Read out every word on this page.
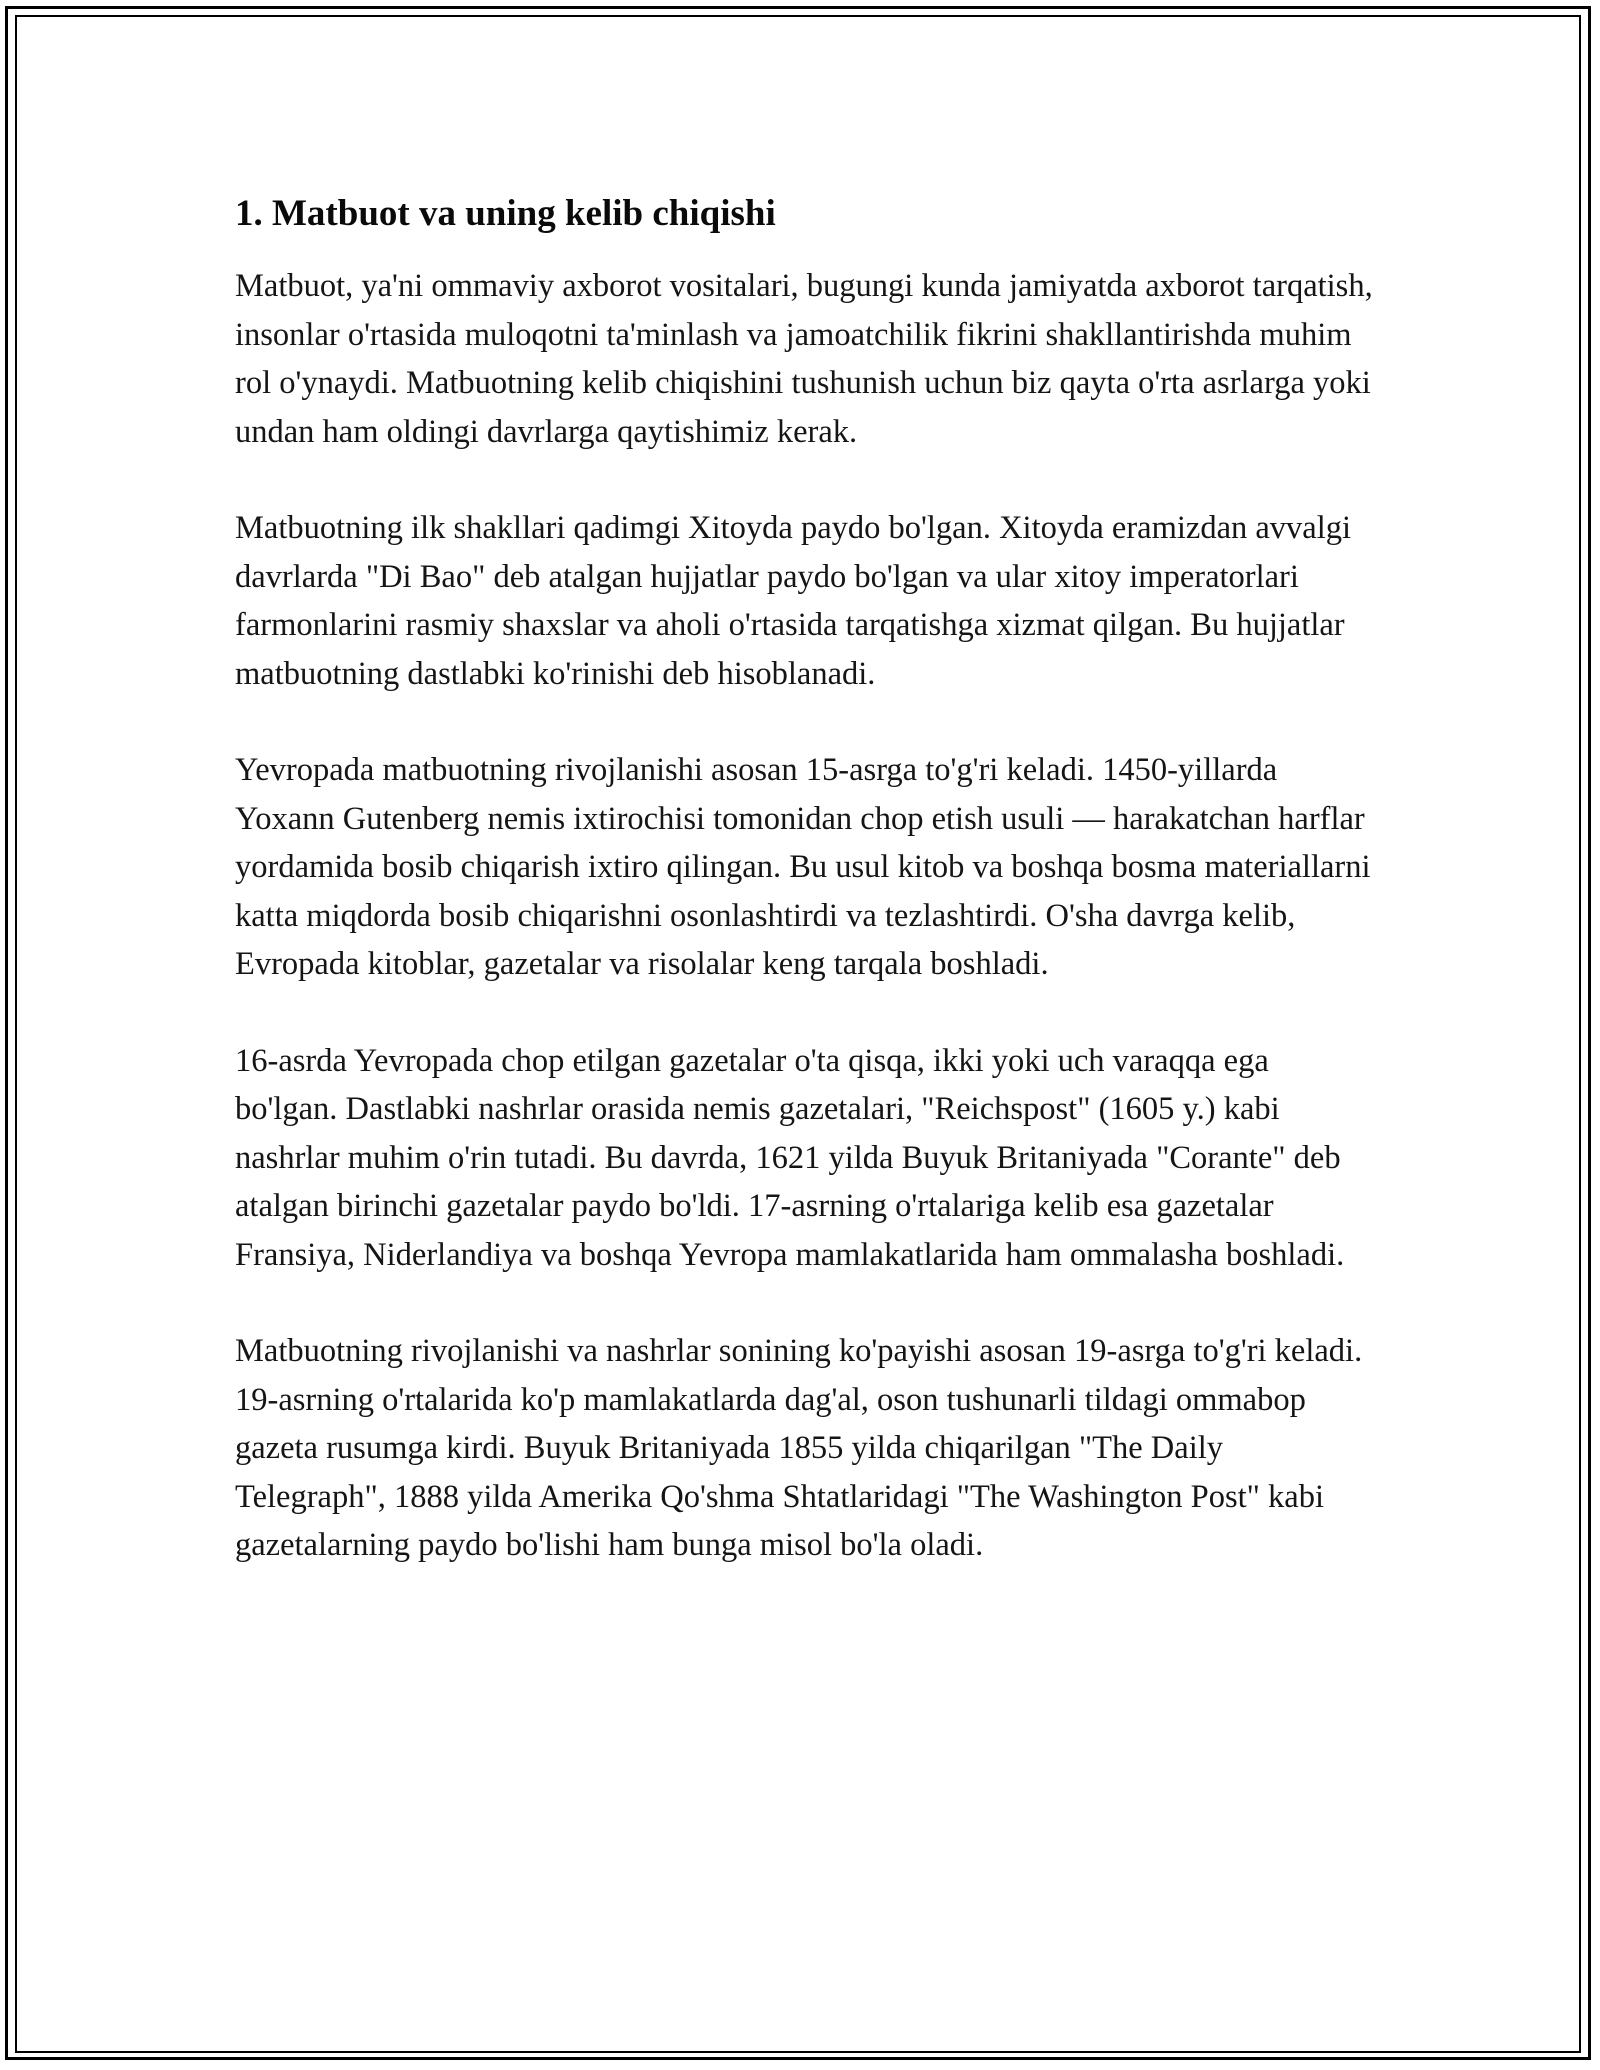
1. Matbuot va uning kelib chiqishi

Matbuot, ya'ni ommaviy axborot vositalari, bugungi kunda jamiyatda axborot tarqatish, insonlar o'rtasida muloqotni ta'minlash va jamoatchilik fikrini shakllantirishda muhim rol o'ynaydi. Matbuotning kelib chiqishini tushunish uchun biz qayta o'rta asrlarga yoki undan ham oldingi davrlarga qaytishimiz kerak.

Matbuotning ilk shakllari qadimgi Xitoyda paydo bo'lgan. Xitoyda eramizdan avvalgi davrlarda "Di Bao" deb atalgan hujjatlar paydo bo'lgan va ular xitoy imperatorlari farmonlarini rasmiy shaxslar va aholi o'rtasida tarqatishga xizmat qilgan. Bu hujjatlar matbuotning dastlabki ko'rinishi deb hisoblanadi.

Yevropada matbuotning rivojlanishi asosan 15-asrga to'g'ri keladi. 1450-yillarda Yoxann Gutenberg nemis ixtirochisi tomonidan chop etish usuli — harakatchan harflar yordamida bosib chiqarish ixtiro qilingan. Bu usul kitob va boshqa bosma materiallarni katta miqdorda bosib chiqarishni osonlashtirdi va tezlashtirdi. O'sha davrga kelib, Evropada kitoblar, gazetalar va risolalar keng tarqala boshladi.

16-asrda Yevropada chop etilgan gazetalar o'ta qisqa, ikki yoki uch varaqqa ega bo'lgan. Dastlabki nashrlar orasida nemis gazetalari, "Reichspost" (1605 y.) kabi nashrlar muhim o'rin tutadi. Bu davrda, 1621 yilda Buyuk Britaniyada "Corante" deb atalgan birinchi gazetalar paydo bo'ldi. 17-asrning o'rtalariga kelib esa gazetalar Fransiya, Niderlandiya va boshqa Yevropa mamlakatlarida ham ommalasha boshladi.

Matbuotning rivojlanishi va nashrlar sonining ko'payishi asosan 19-asrga to'g'ri keladi. 19-asrning o'rtalarida ko'p mamlakatlarda dag'al, oson tushunarli tildagi ommabop gazeta rusumga kirdi. Buyuk Britaniyada 1855 yilda chiqarilgan "The Daily Telegraph", 1888 yilda Amerika Qo'shma Shtatlaridagi "The Washington Post" kabi gazetalarning paydo bo'lishi ham bunga misol bo'la oladi.
